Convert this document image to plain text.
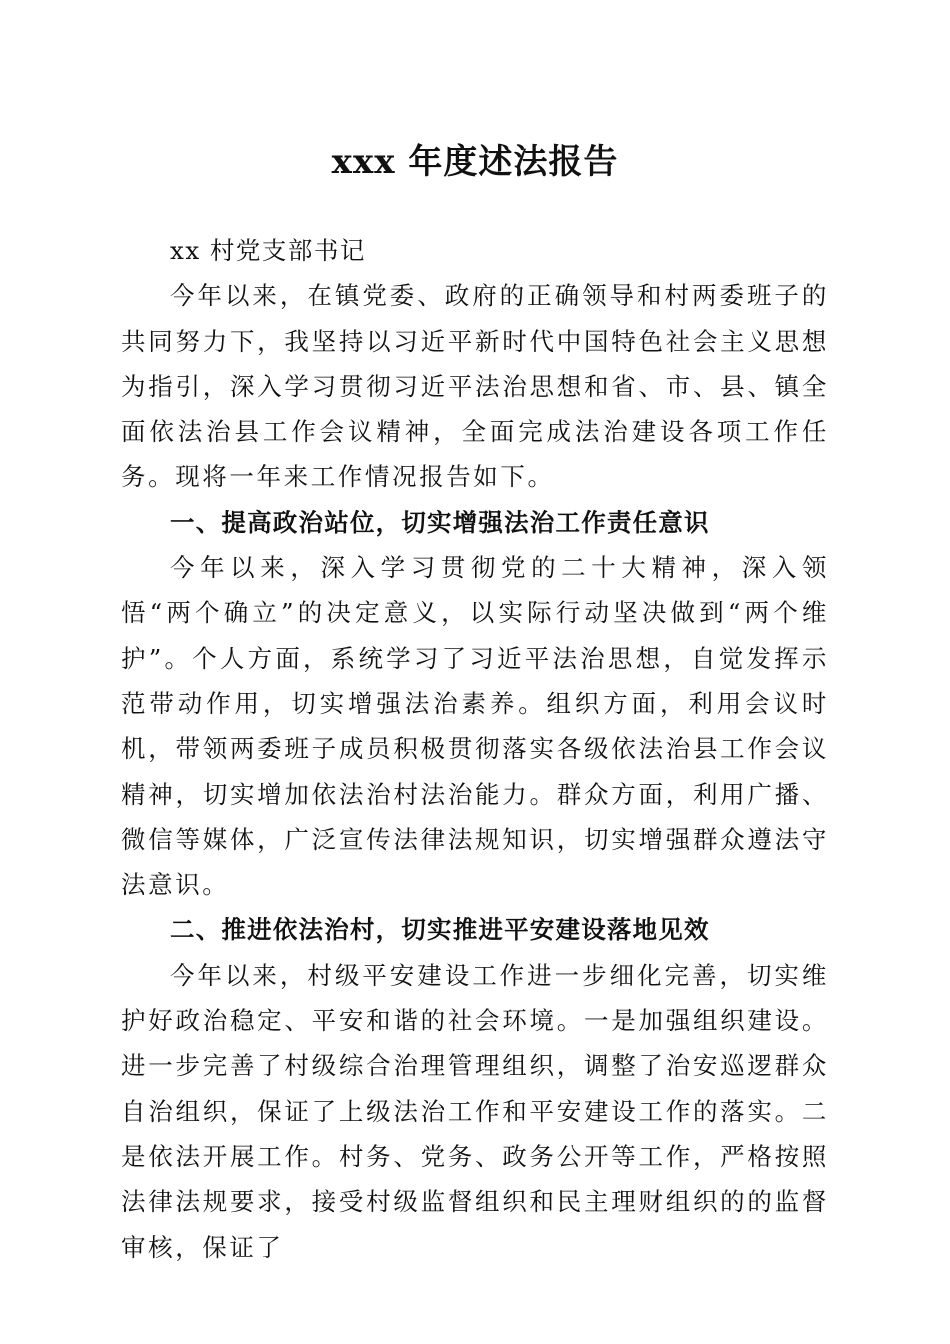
xxx 年度述法报告

xx 村党支部书记

今年以来，在镇党委、政府的正确领导和村两委班子的共同努力下，我坚持以习近平新时代中国特色社会主义思想为指引，深入学习贯彻习近平法治思想和省、市、县、镇全面依法治县工作会议精神，全面完成法治建设各项工作任务。现将一年来工作情况报告如下。

一、提高政治站位，切实增强法治工作责任意识

今年以来，深入学习贯彻党的二十大精神，深入领悟“两个确立”的决定意义，以实际行动坚决做到“两个维护”。个人方面，系统学习了习近平法治思想，自觉发挥示范带动作用，切实增强法治素养。组织方面，利用会议时机，带领两委班子成员积极贯彻落实各级依法治县工作会议精神，切实增加依法治村法治能力。群众方面，利用广播、微信等媒体，广泛宣传法律法规知识，切实增强群众遵法守法意识。

二、推进依法治村，切实推进平安建设落地见效

今年以来，村级平安建设工作进一步细化完善，切实维护好政治稳定、平安和谐的社会环境。一是加强组织建设。进一步完善了村级综合治理管理组织，调整了治安巡逻群众自治组织，保证了上级法治工作和平安建设工作的落实。二是依法开展工作。村务、党务、政务公开等工作，严格按照法律法规要求，接受村级监督组织和民主理财组织的的监督审核，保证了
